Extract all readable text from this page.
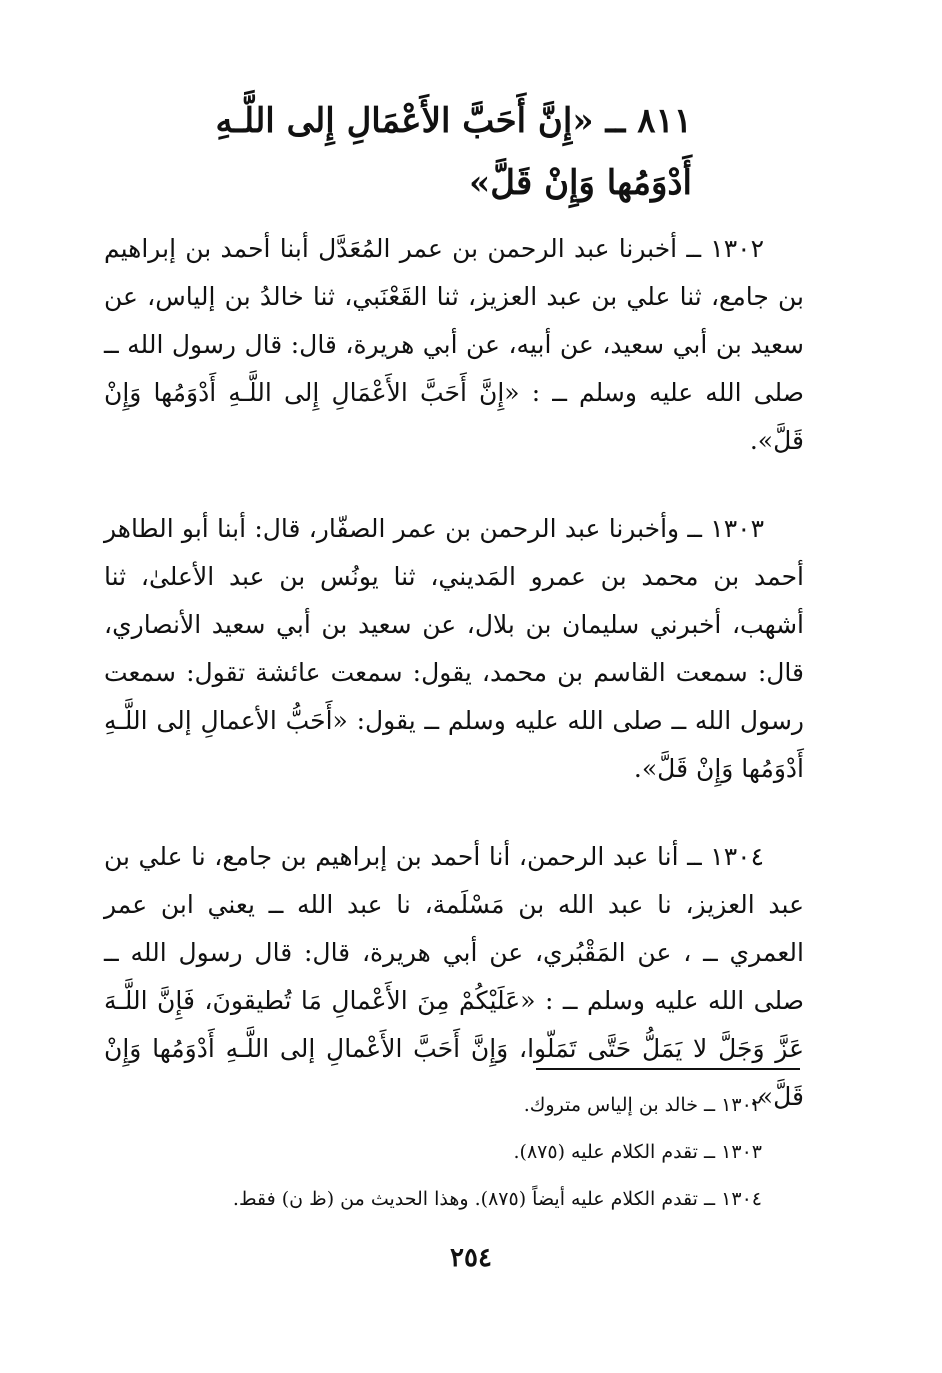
٨١١ ــ «إِنَّ أَحَبَّ الأَعْمَالِ إِلى اللَّـهِ أَدْوَمُها وَإِنْ قَلَّ»

١٣٠٢ ــ أخبرنا عبد الرحمن بن عمر المُعَدَّل أبنا أحمد بن إبراهيم بن جامع، ثنا علي بن عبد العزيز، ثنا القَعْنَبي، ثنا خالدُ بن إلياس، عن سعيد بن أبي سعيد، عن أبيه، عن أبي هريرة، قال: قال رسول الله ــ صلى الله عليه وسلم ــ : «إِنَّ أَحَبَّ الأَعْمَالِ إِلى اللَّـهِ أَدْوَمُها وَإِنْ قَلَّ».

١٣٠٣ ــ وأخبرنا عبد الرحمن بن عمر الصفّار، قال: أبنا أبو الطاهر أحمد بن محمد بن عمرو المَديني، ثنا يونُس بن عبد الأعلىٰ، ثنا أشهب، أخبرني سليمان بن بلال، عن سعيد بن أبي سعيد الأنصاري، قال: سمعت القاسم بن محمد، يقول: سمعت عائشة تقول: سمعت رسول الله ــ صلى الله عليه وسلم ــ يقول: «أَحَبُّ الأعمالِ إلى اللَّـهِ أَدْوَمُها وَإِنْ قَلَّ».

١٣٠٤ ــ أنا عبد الرحمن، أنا أحمد بن إبراهيم بن جامع، نا علي بن عبد العزيز، نا عبد الله بن مَسْلَمة، نا عبد الله ــ يعني ابن عمر العمري ــ ، عن المَقْبُري، عن أبي هريرة، قال: قال رسول الله ــ صلى الله عليه وسلم ــ : «عَلَيْكُمْ مِنَ الأَعْمالِ مَا تُطيقونَ، فَإِنَّ اللَّـهَ عَزَّ وَجَلَّ لا يَمَلُّ حَتَّى تَمَلّوا، وَإِنَّ أَحَبَّ الأَعْمالِ إلى اللَّـهِ أَدْوَمُها وَإِنْ قَلَّ».

١٣٠٢ ــ خالد بن إلياس متروك.

١٣٠٣ ــ تقدم الكلام عليه (٨٧٥).

١٣٠٤ ــ تقدم الكلام عليه أيضاً (٨٧٥). وهذا الحديث من (ظ ن) فقط.

٢٥٤
